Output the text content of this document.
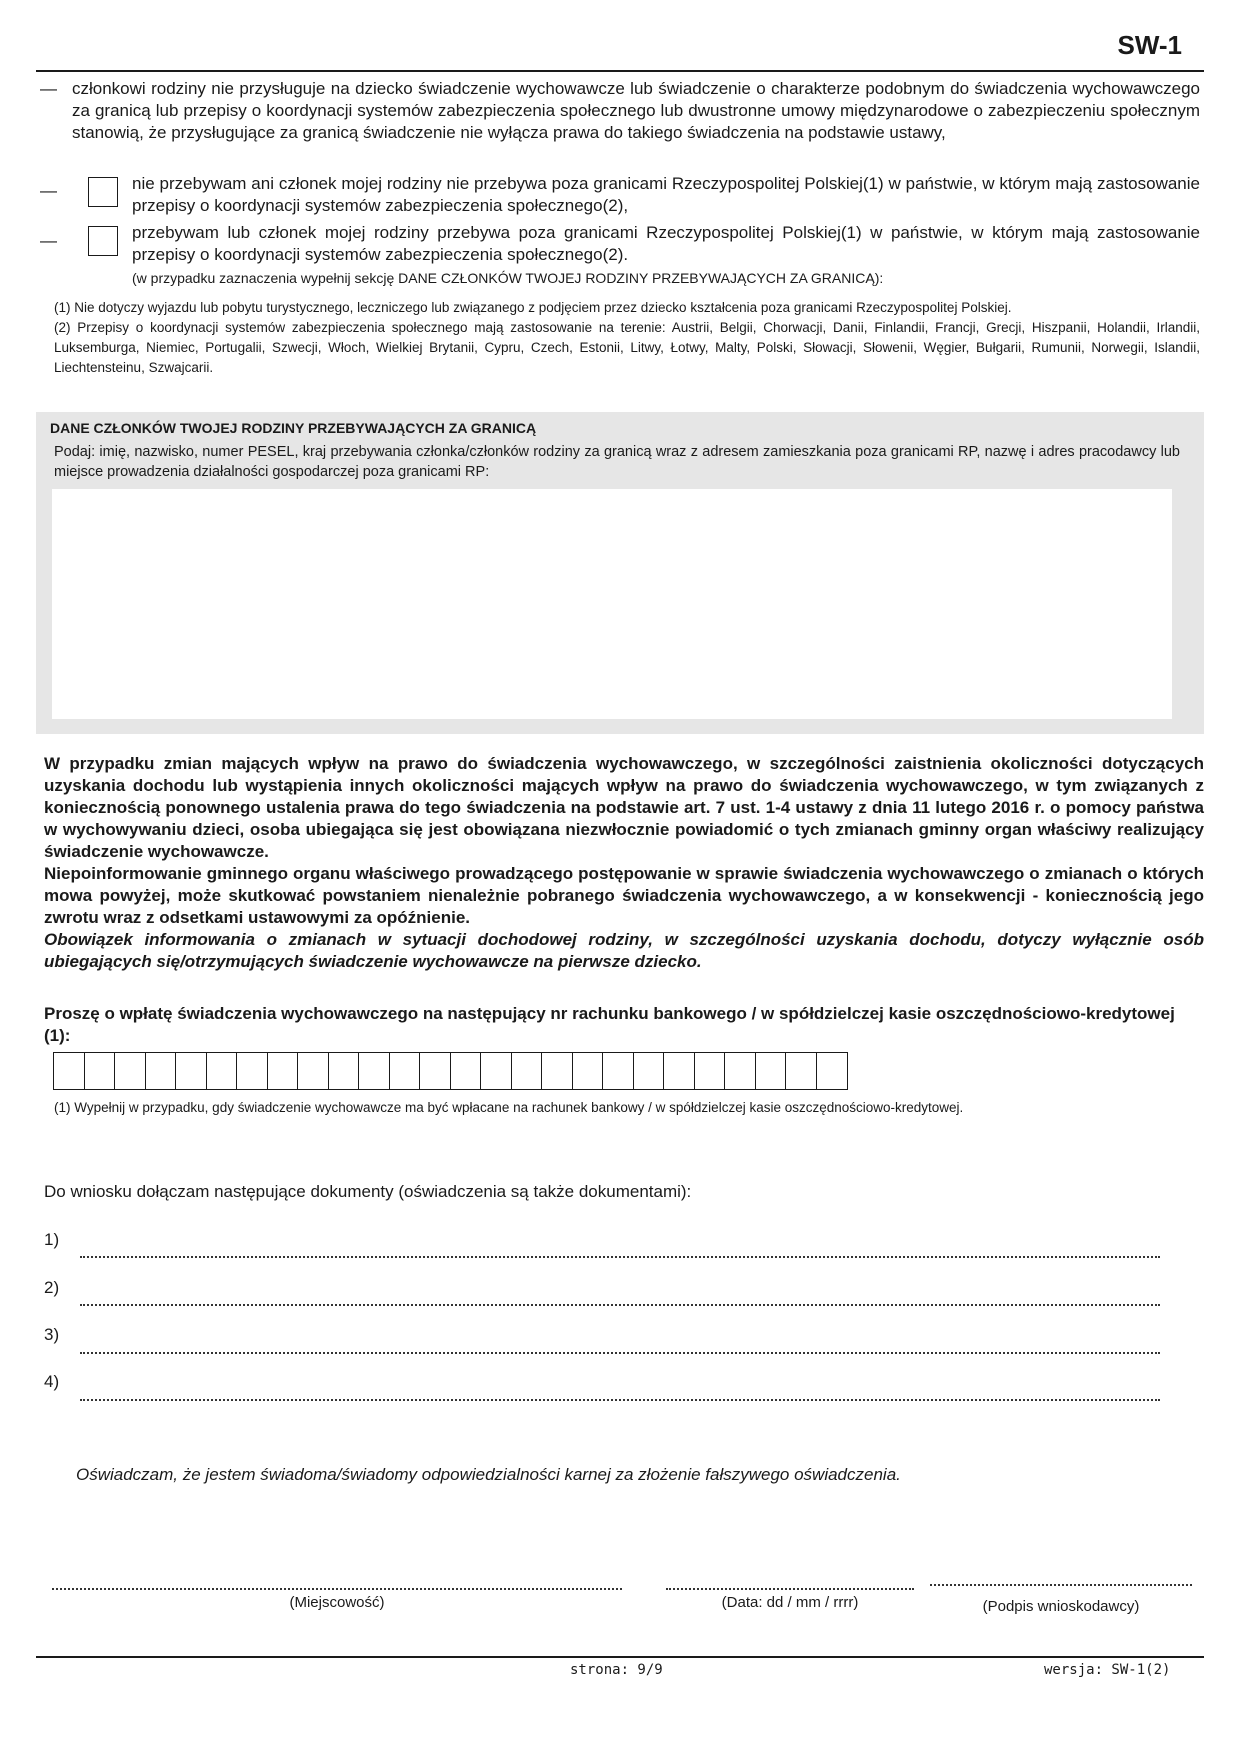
SW-1
— członkowi rodziny nie przysługuje na dziecko świadczenie wychowawcze lub świadczenie o charakterze podobnym do świadczenia wychowawczego za granicą lub przepisy o koordynacji systemów zabezpieczenia społecznego lub dwustronne umowy międzynarodowe o zabezpieczeniu społecznym stanowią, że przysługujące za granicą świadczenie nie wyłącza prawa do takiego świadczenia na podstawie ustawy,
—	nie przebywam ani członek mojej rodziny nie przebywa poza granicami Rzeczypospolitej Polskiej(1) w państwie, w którym mają zastosowanie przepisy o koordynacji systemów zabezpieczenia społecznego(2),
—	przebywam lub członek mojej rodziny przebywa poza granicami Rzeczypospolitej Polskiej(1) w państwie, w którym mają zastosowanie przepisy o koordynacji systemów zabezpieczenia społecznego(2).
(w przypadku zaznaczenia wypełnij sekcję DANE CZŁONKÓW TWOJEJ RODZINY PRZEBYWAJĄCYCH ZA GRANICĄ):
(1) Nie dotyczy wyjazdu lub pobytu turystycznego, leczniczego lub związanego z podjęciem przez dziecko kształcenia poza granicami Rzeczypospolitej Polskiej.
(2) Przepisy o koordynacji systemów zabezpieczenia społecznego mają zastosowanie na terenie: Austrii, Belgii, Chorwacji, Danii, Finlandii, Francji, Grecji, Hiszpanii, Holandii, Irlandii, Luksemburga, Niemiec, Portugalii, Szwecji, Włoch, Wielkiej Brytanii, Cypru, Czech, Estonii, Litwy, Łotwy, Malty, Polski, Słowacji, Słowenii, Węgier, Bułgarii, Rumunii, Norwegii, Islandii, Liechtensteinu, Szwajcarii.
DANE CZŁONKÓW TWOJEJ RODZINY PRZEBYWAJĄCYCH ZA GRANICĄ
Podaj: imię, nazwisko, numer PESEL, kraj przebywania członka/członków rodziny za granicą wraz z adresem zamieszkania poza granicami RP, nazwę i adres pracodawcy lub miejsce prowadzenia działalności gospodarczej poza granicami RP:

W przypadku zmian mających wpływ na prawo do świadczenia wychowawczego, w szczególności zaistnienia okoliczności dotyczących uzyskania dochodu lub wystąpienia innych okoliczności mających wpływ na prawo do świadczenia wychowawczego, w tym związanych z koniecznością ponownego ustalenia prawa do tego świadczenia na podstawie art. 7 ust. 1-4 ustawy z dnia 11 lutego 2016 r. o pomocy państwa w wychowywaniu dzieci, osoba ubiegająca się jest obowiązana niezwłocznie powiadomić o tych zmianach gminny organ właściwy realizujący świadczenie wychowawcze.

Niepoinformowanie gminnego organu właściwego prowadzącego postępowanie w sprawie świadczenia wychowawczego o zmianach o których mowa powyżej, może skutkować powstaniem nienależnie pobranego świadczenia wychowawczego, a w konsekwencji - koniecznością jego zwrotu wraz z odsetkami ustawowymi za opóźnienie.

Obowiązek informowania o zmianach w sytuacji dochodowej rodziny, w szczególności uzyskania dochodu, dotyczy wyłącznie osób ubiegających się/otrzymujących świadczenie wychowawcze na pierwsze dziecko.

Proszę o wpłatę świadczenia wychowawczego na następujący nr rachunku bankowego / w spółdzielczej kasie oszczędnościowo-kredytowej (1):
(1) Wypełnij w przypadku, gdy świadczenie wychowawcze ma być wpłacane na rachunek bankowy / w spółdzielczej kasie oszczędnościowo-kredytowej.
Do wniosku dołączam następujące dokumenty (oświadczenia są także dokumentami):
1)
2)
3)
4)
Oświadczam, że jestem świadoma/świadomy odpowiedzialności karnej za złożenie fałszywego oświadczenia.
(Miejscowość)	(Data: dd / mm / rrrr)	(Podpis wnioskodawcy)
strona: 9/9	wersja: SW-1(2)
